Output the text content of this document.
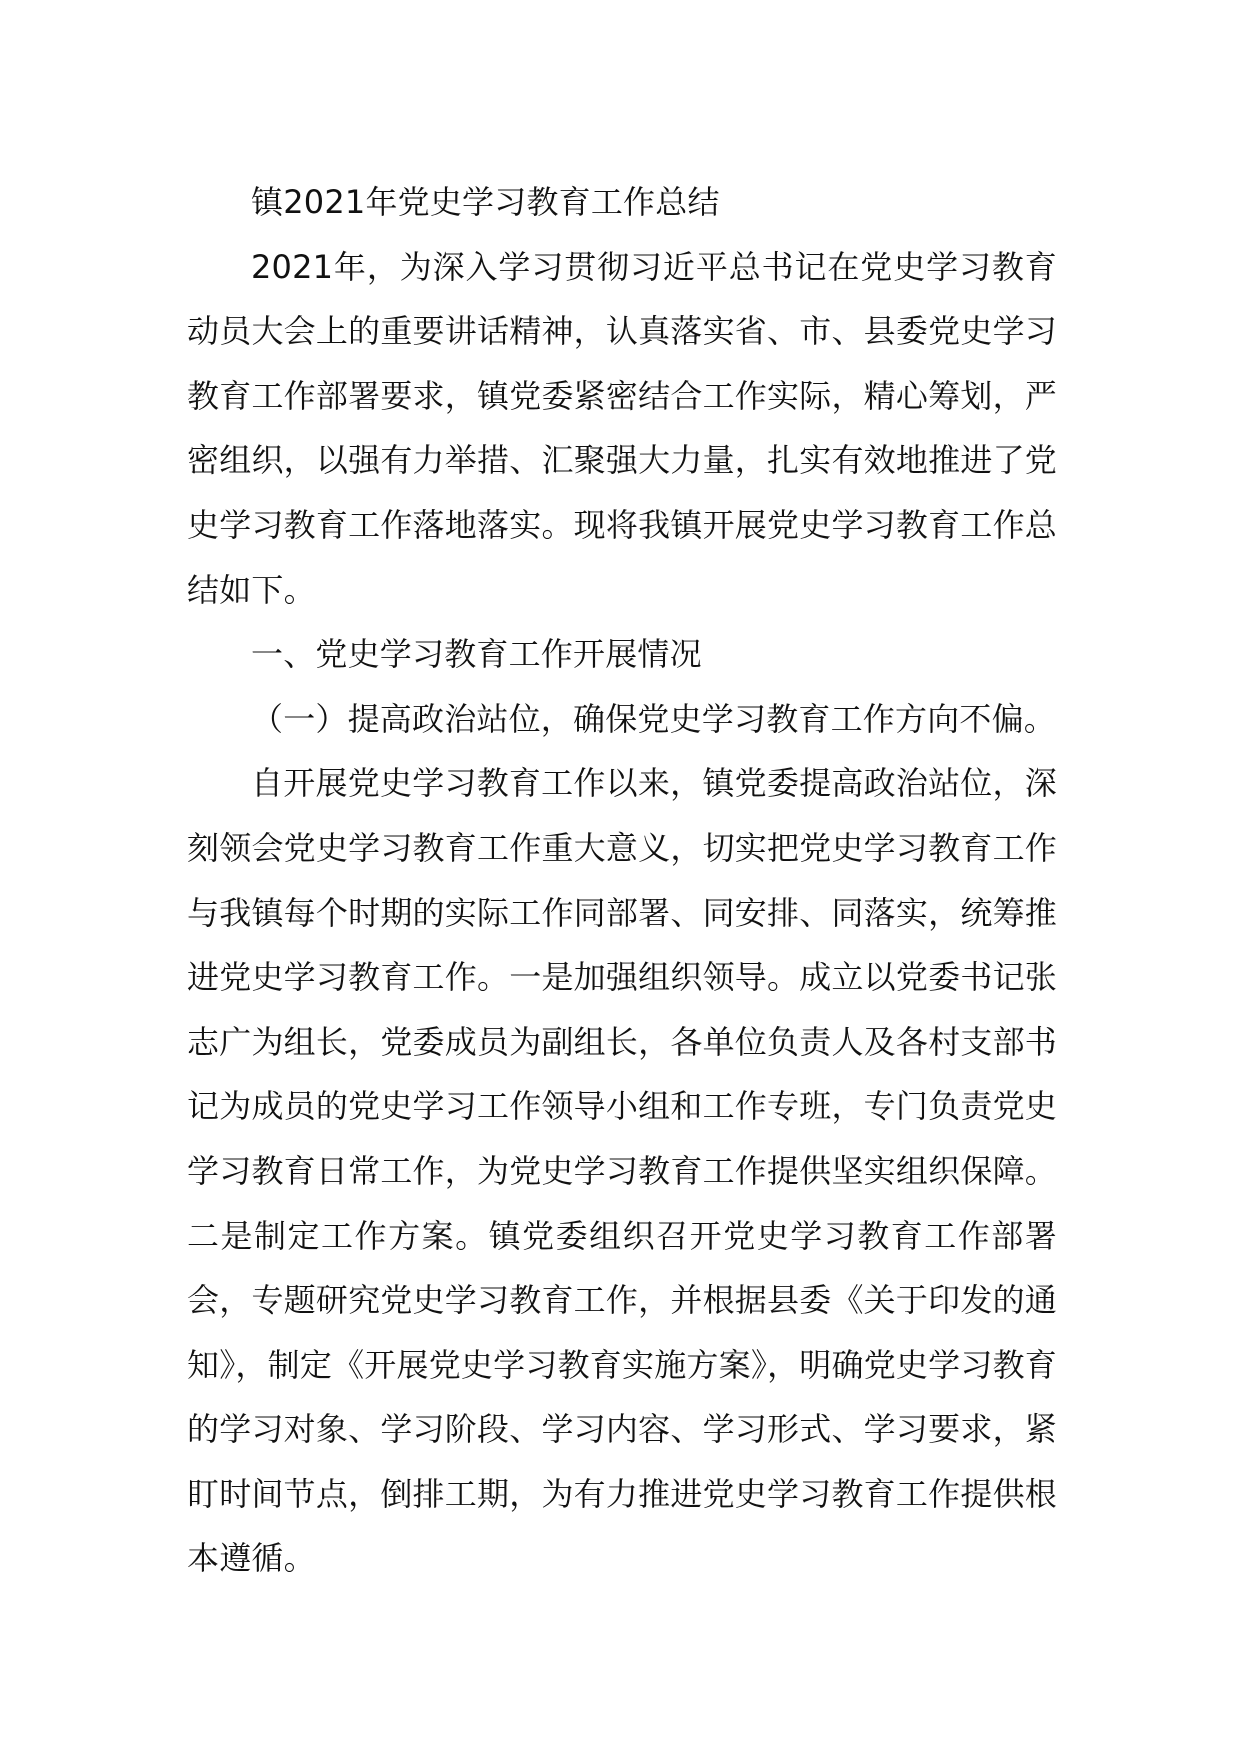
镇2021年党史学习教育工作总结

2021年，为深入学习贯彻习近平总书记在党史学习教育动员大会上的重要讲话精神，认真落实省、市、县委党史学习教育工作部署要求，镇党委紧密结合工作实际，精心筹划，严密组织，以强有力举措、汇聚强大力量，扎实有效地推进了党史学习教育工作落地落实。现将我镇开展党史学习教育工作总结如下。

一、党史学习教育工作开展情况

（一）提高政治站位，确保党史学习教育工作方向不偏。

自开展党史学习教育工作以来，镇党委提高政治站位，深刻领会党史学习教育工作重大意义，切实把党史学习教育工作与我镇每个时期的实际工作同部署、同安排、同落实，统筹推进党史学习教育工作。一是加强组织领导。成立以党委书记张志广为组长，党委成员为副组长，各单位负责人及各村支部书记为成员的党史学习工作领导小组和工作专班，专门负责党史学习教育日常工作，为党史学习教育工作提供坚实组织保障。二是制定工作方案。镇党委组织召开党史学习教育工作部署会，专题研究党史学习教育工作，并根据县委《关于印发的通知》，制定《开展党史学习教育实施方案》，明确党史学习教育的学习对象、学习阶段、学习内容、学习形式、学习要求，紧盯时间节点，倒排工期，为有力推进党史学习教育工作提供根本遵循。
